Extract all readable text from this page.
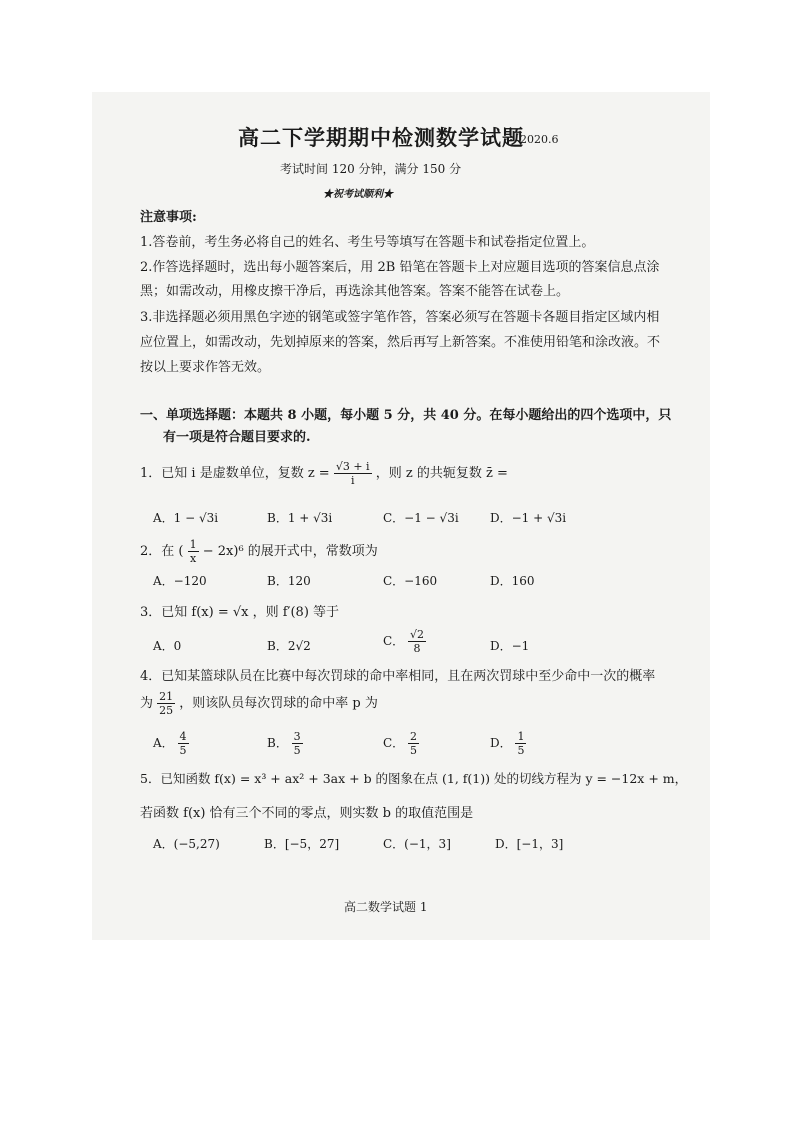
高二下学期期中检测数学试题
2020.6
考试时间 120 分钟，满分 150 分
★祝考试顺利★
注意事项:
1.答卷前，考生务必将自己的姓名、考生号等填写在答题卡和试卷指定位置上。
2.作答选择题时，选出每小题答案后，用 2B 铅笔在答题卡上对应题目选项的答案信息点涂
黑；如需改动，用橡皮擦干净后，再选涂其他答案。答案不能答在试卷上。
3.非选择题必须用黑色字迹的钢笔或签字笔作答，答案必须写在答题卡各题目指定区域内相
应位置上，如需改动，先划掉原来的答案，然后再写上新答案。不准使用铅笔和涂改液。不
按以上要求作答无效。
一、单项选择题：本题共 8 小题，每小题 5 分，共 40 分。在每小题给出的四个选项中，只
有一项是符合题目要求的.
1．已知 i 是虚数单位，复数 $z = \frac{√3 + i}{i}$ ，则 z 的共轭复数 z̄ =
A．1 − √3i	B．1 + √3i	C．−1 − √3i	D．−1 + √3i
2．在 ( $\frac{1}{x} - 2x)^6$ 的展开式中，常数项为
A．−120	B．120	C．−160	D．160
3．已知 f(x) = √x ，则 f′(8) 等于
A．0	B．2√2	C． $\frac{√2}{8}$	D．−1
4．已知某篮球队员在比赛中每次罚球的命中率相同，且在两次罚球中至少命中一次的概率
为 $\frac{21}{25}$ ，则该队员每次罚球的命中率 p 为
A． $\frac{4}{5}$	B． $\frac{3}{5}$	C． $\frac{2}{5}$	D． $\frac{1}{5}$
5．已知函数 f(x) = x³ + ax² + 3ax + b 的图象在点 (1, f(1)) 处的切线方程为 y = −12x + m，
若函数 f(x) 恰有三个不同的零点，则实数 b 的取值范围是
A．(−5,27)	B．[−5，27]	C．(−1，3]	D．[−1，3]
高二数学试题 1
